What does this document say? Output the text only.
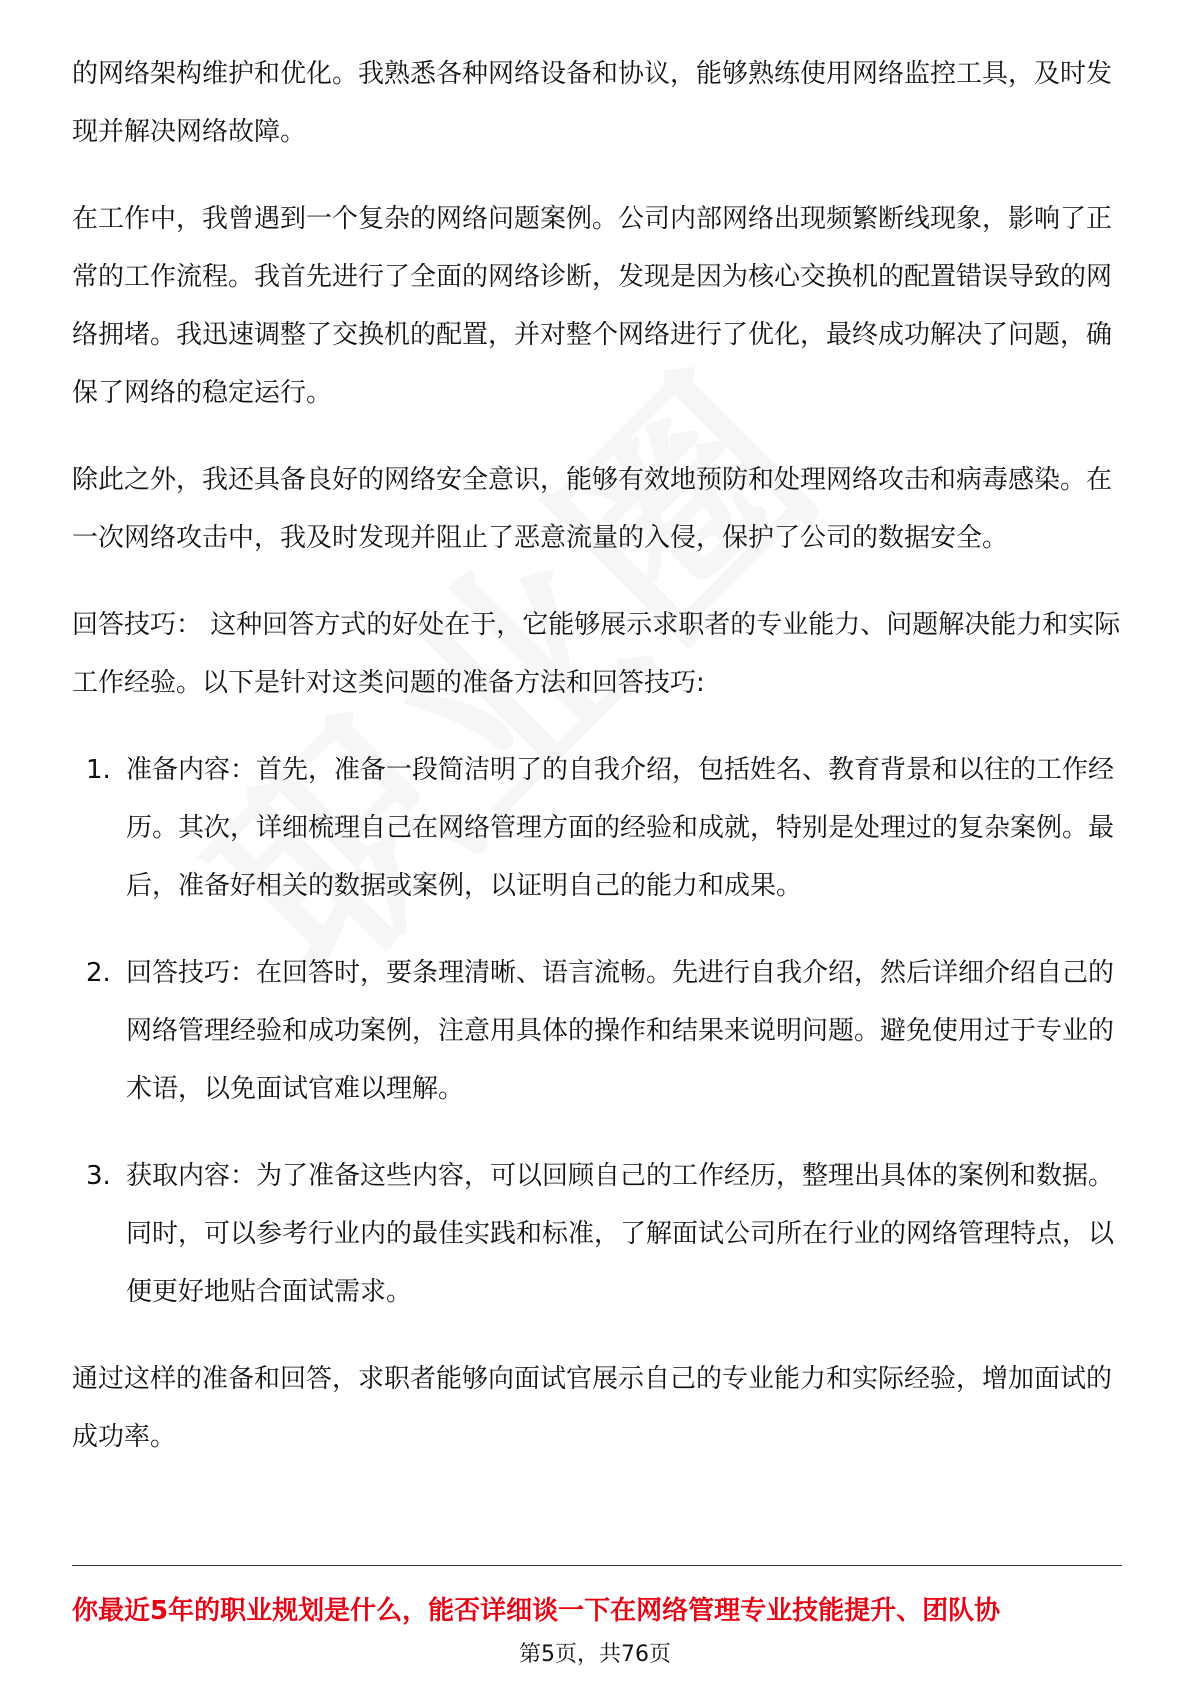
的网络架构维护和优化。我熟悉各种网络设备和协议，能够熟练使用网络监控工具，及时发现并解决网络故障。

在工作中，我曾遇到一个复杂的网络问题案例。公司内部网络出现频繁断线现象，影响了正常的工作流程。我首先进行了全面的网络诊断，发现是因为核心交换机的配置错误导致的网络拥堵。我迅速调整了交换机的配置，并对整个网络进行了优化，最终成功解决了问题，确保了网络的稳定运行。

除此之外，我还具备良好的网络安全意识，能够有效地预防和处理网络攻击和病毒感染。在一次网络攻击中，我及时发现并阻止了恶意流量的入侵，保护了公司的数据安全。

回答技巧： 这种回答方式的好处在于，它能够展示求职者的专业能力、问题解决能力和实际工作经验。以下是针对这类问题的准备方法和回答技巧:

1. 准备内容：首先，准备一段简洁明了的自我介绍，包括姓名、教育背景和以往的工作经历。其次，详细梳理自己在网络管理方面的经验和成就，特别是处理过的复杂案例。最后，准备好相关的数据或案例，以证明自己的能力和成果。
2. 回答技巧：在回答时，要条理清晰、语言流畅。先进行自我介绍，然后详细介绍自己的网络管理经验和成功案例，注意用具体的操作和结果来说明问题。避免使用过于专业的术语，以免面试官难以理解。
3. 获取内容：为了准备这些内容，可以回顾自己的工作经历，整理出具体的案例和数据。同时，可以参考行业内的最佳实践和标准，了解面试公司所在行业的网络管理特点，以便更好地贴合面试需求。

通过这样的准备和回答，求职者能够向面试官展示自己的专业能力和实际经验，增加面试的成功率。

你最近5年的职业规划是什么，能否详细谈一下在网络管理专业技能提升、团队协
第5页，共76页
